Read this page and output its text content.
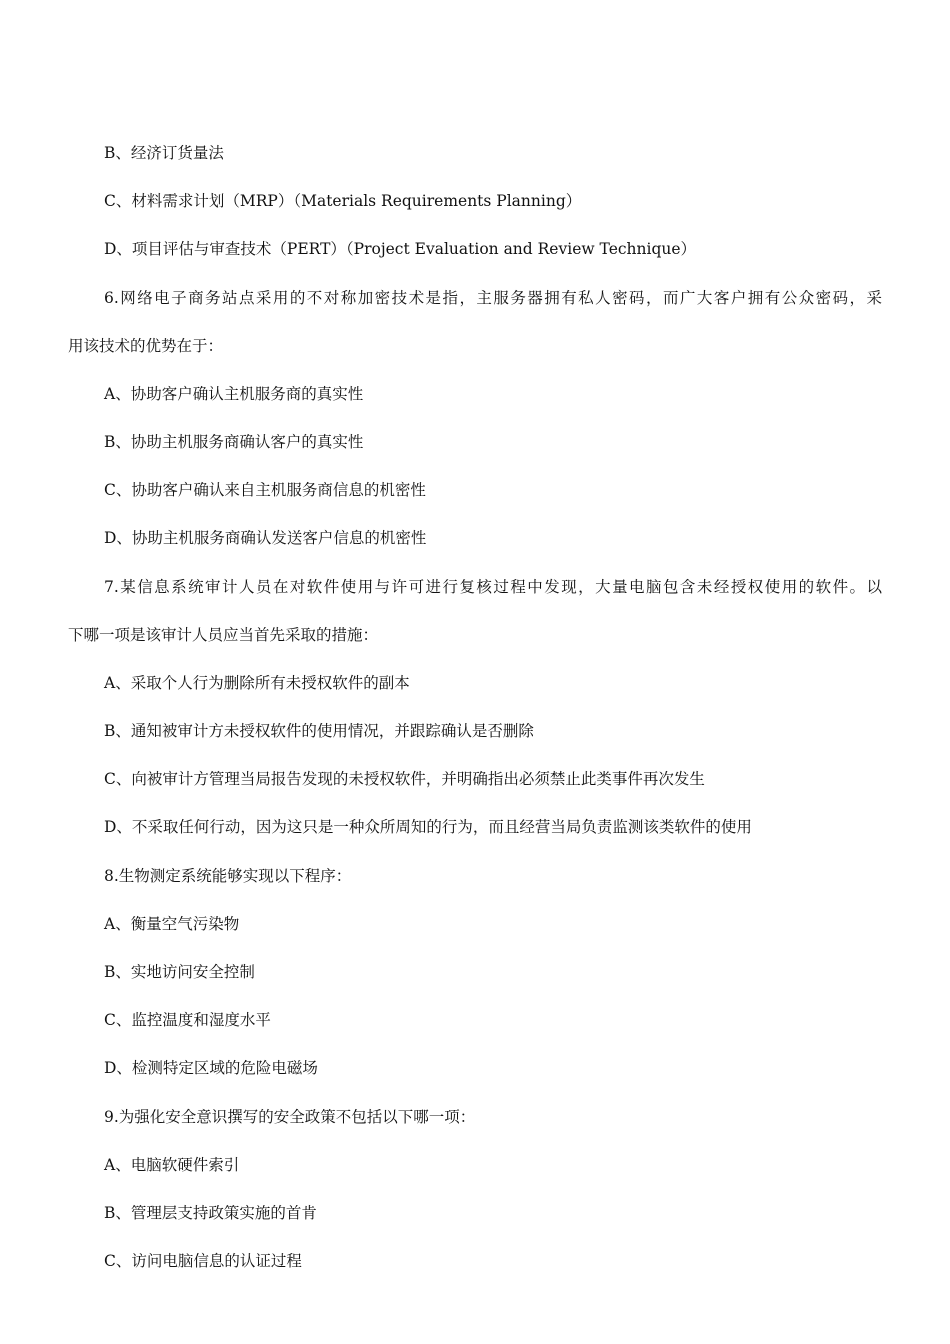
B、经济订货量法
C、材料需求计划（MRP）（Materials Requirements Planning）
D、项目评估与审查技术（PERT）（Project Evaluation and Review Technique）
6.网络电子商务站点采用的不对称加密技术是指，主服务器拥有私人密码，而广大客户拥有公众密码，采
用该技术的优势在于：
A、协助客户确认主机服务商的真实性
B、协助主机服务商确认客户的真实性
C、协助客户确认来自主机服务商信息的机密性
D、协助主机服务商确认发送客户信息的机密性
7.某信息系统审计人员在对软件使用与许可进行复核过程中发现，大量电脑包含未经授权使用的软件。以
下哪一项是该审计人员应当首先采取的措施：
A、采取个人行为删除所有未授权软件的副本
B、通知被审计方未授权软件的使用情况，并跟踪确认是否删除
C、向被审计方管理当局报告发现的未授权软件，并明确指出必须禁止此类事件再次发生
D、不采取任何行动，因为这只是一种众所周知的行为，而且经营当局负责监测该类软件的使用
8.生物测定系统能够实现以下程序：
A、衡量空气污染物
B、实地访问安全控制
C、监控温度和湿度水平
D、检测特定区域的危险电磁场
9.为强化安全意识撰写的安全政策不包括以下哪一项：
A、电脑软硬件索引
B、管理层支持政策实施的首肯
C、访问电脑信息的认证过程
